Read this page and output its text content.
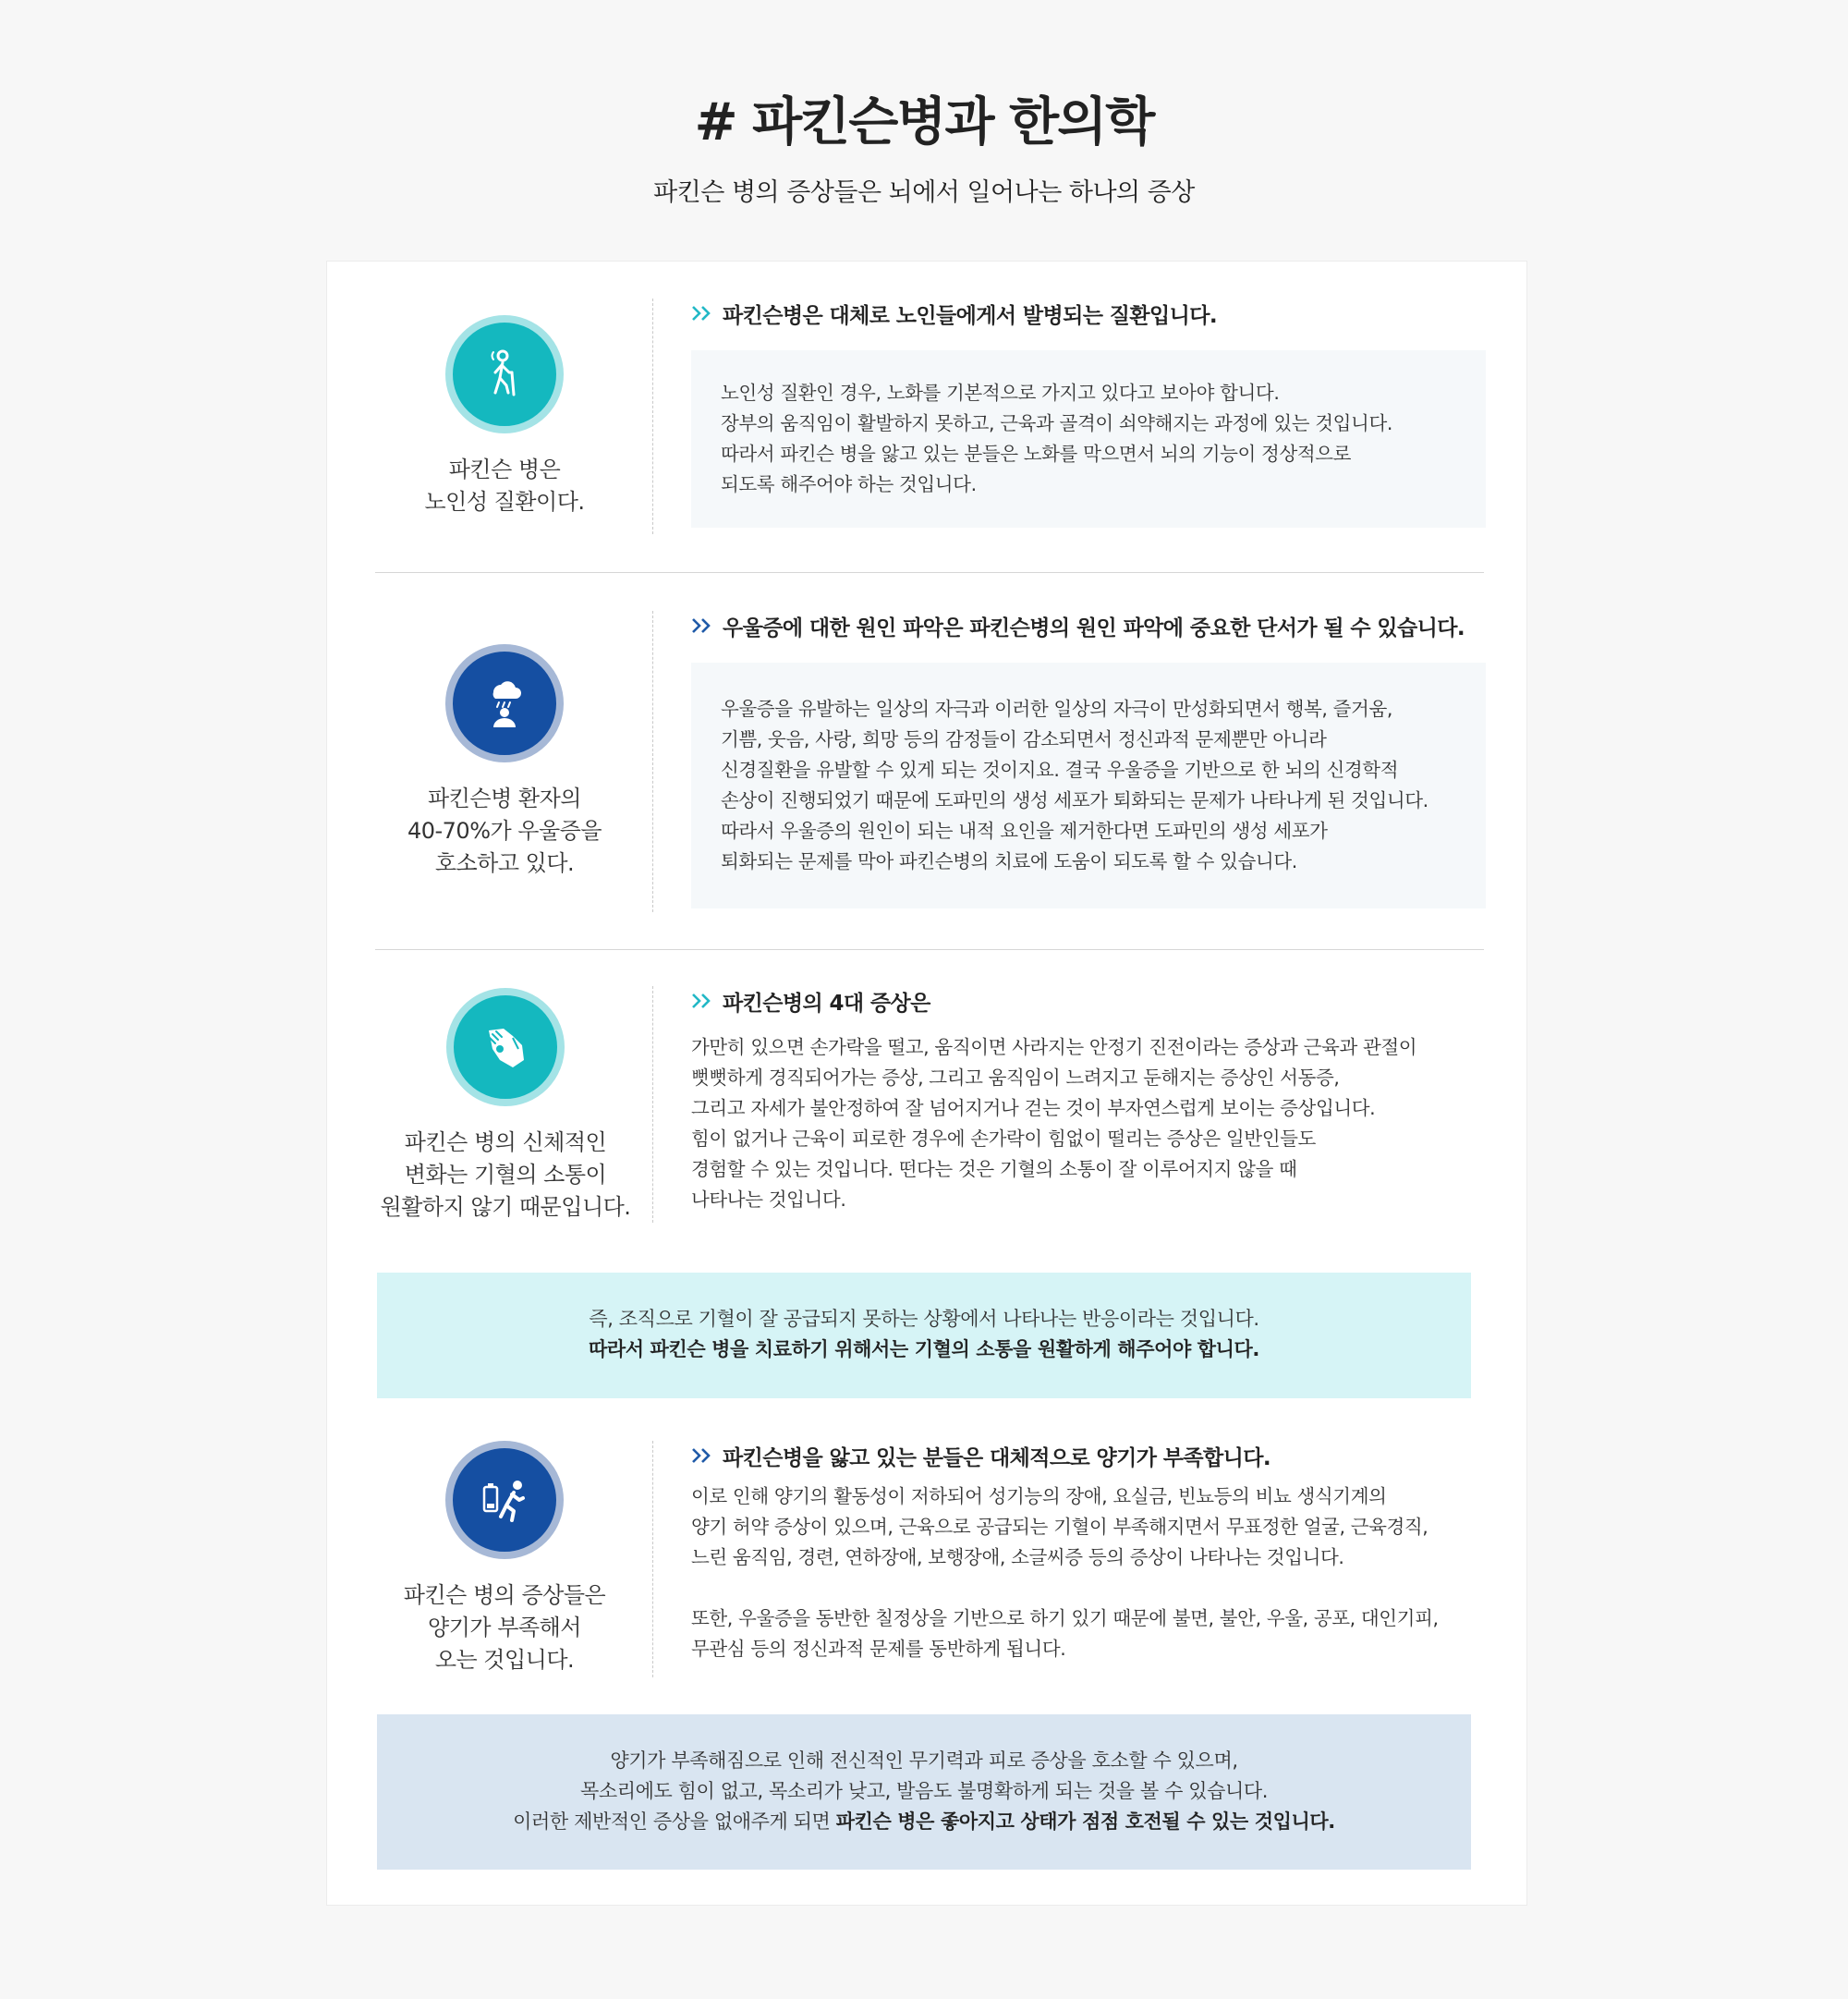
# 파킨슨병과 한의학

파킨슨 병의 증상들은 뇌에서 일어나는 하나의 증상

파킨슨 병은
노인성 질환이다.
파킨슨병은 대체로 노인들에게서 발병되는 질환입니다.
노인성 질환인 경우, 노화를 기본적으로 가지고 있다고 보아야 합니다.
장부의 움직임이 활발하지 못하고, 근육과 골격이 쇠약해지는 과정에 있는 것입니다.
따라서 파킨슨 병을 앓고 있는 분들은 노화를 막으면서 뇌의 기능이 정상적으로
되도록 해주어야 하는 것입니다.
파킨슨병 환자의
40-70%가 우울증을
호소하고 있다.
우울증에 대한 원인 파악은 파킨슨병의 원인 파악에 중요한 단서가 될 수 있습니다.
우울증을 유발하는 일상의 자극과 이러한 일상의 자극이 만성화되면서 행복, 즐거움,
기쁨, 웃음, 사랑, 희망 등의 감정들이 감소되면서 정신과적 문제뿐만 아니라
신경질환을 유발할 수 있게 되는 것이지요. 결국 우울증을 기반으로 한 뇌의 신경학적
손상이 진행되었기 때문에 도파민의 생성 세포가 퇴화되는 문제가 나타나게 된 것입니다.
따라서 우울증의 원인이 되는 내적 요인을 제거한다면 도파민의 생성 세포가
퇴화되는 문제를 막아 파킨슨병의 치료에 도움이 되도록 할 수 있습니다.
파킨슨 병의 신체적인
변화는 기혈의 소통이
원활하지 않기 때문입니다.
파킨슨병의 4대 증상은
가만히 있으면 손가락을 떨고, 움직이면 사라지는 안정기 진전이라는 증상과 근육과 관절이
뻣뻣하게 경직되어가는 증상, 그리고 움직임이 느려지고 둔해지는 증상인 서동증,
그리고 자세가 불안정하여 잘 넘어지거나 걷는 것이 부자연스럽게 보이는 증상입니다.
힘이 없거나 근육이 피로한 경우에 손가락이 힘없이 떨리는 증상은 일반인들도
경험할 수 있는 것입니다. 떤다는 것은 기혈의 소통이 잘 이루어지지 않을 때
나타나는 것입니다.
즉, 조직으로 기혈이 잘 공급되지 못하는 상황에서 나타나는 반응이라는 것입니다.
따라서 파킨슨 병을 치료하기 위해서는 기혈의 소통을 원활하게 해주어야 합니다.
파킨슨 병의 증상들은
양기가 부족해서
오는 것입니다.
파킨슨병을 앓고 있는 분들은 대체적으로 양기가 부족합니다.
이로 인해 양기의 활동성이 저하되어 성기능의 장애, 요실금, 빈뇨등의 비뇨 생식기계의
양기 허약 증상이 있으며, 근육으로 공급되는 기혈이 부족해지면서 무표정한 얼굴, 근육경직,
느린 움직임, 경련, 연하장애, 보행장애, 소글씨증 등의 증상이 나타나는 것입니다.
또한, 우울증을 동반한 칠정상을 기반으로 하기 있기 때문에 불면, 불안, 우울, 공포, 대인기피,
무관심 등의 정신과적 문제를 동반하게 됩니다.
양기가 부족해짐으로 인해 전신적인 무기력과 피로 증상을 호소할 수 있으며,
목소리에도 힘이 없고, 목소리가 낮고, 발음도 불명확하게 되는 것을 볼 수 있습니다.
이러한 제반적인 증상을 없애주게 되면 파킨슨 병은 좋아지고 상태가 점점 호전될 수 있는 것입니다.
